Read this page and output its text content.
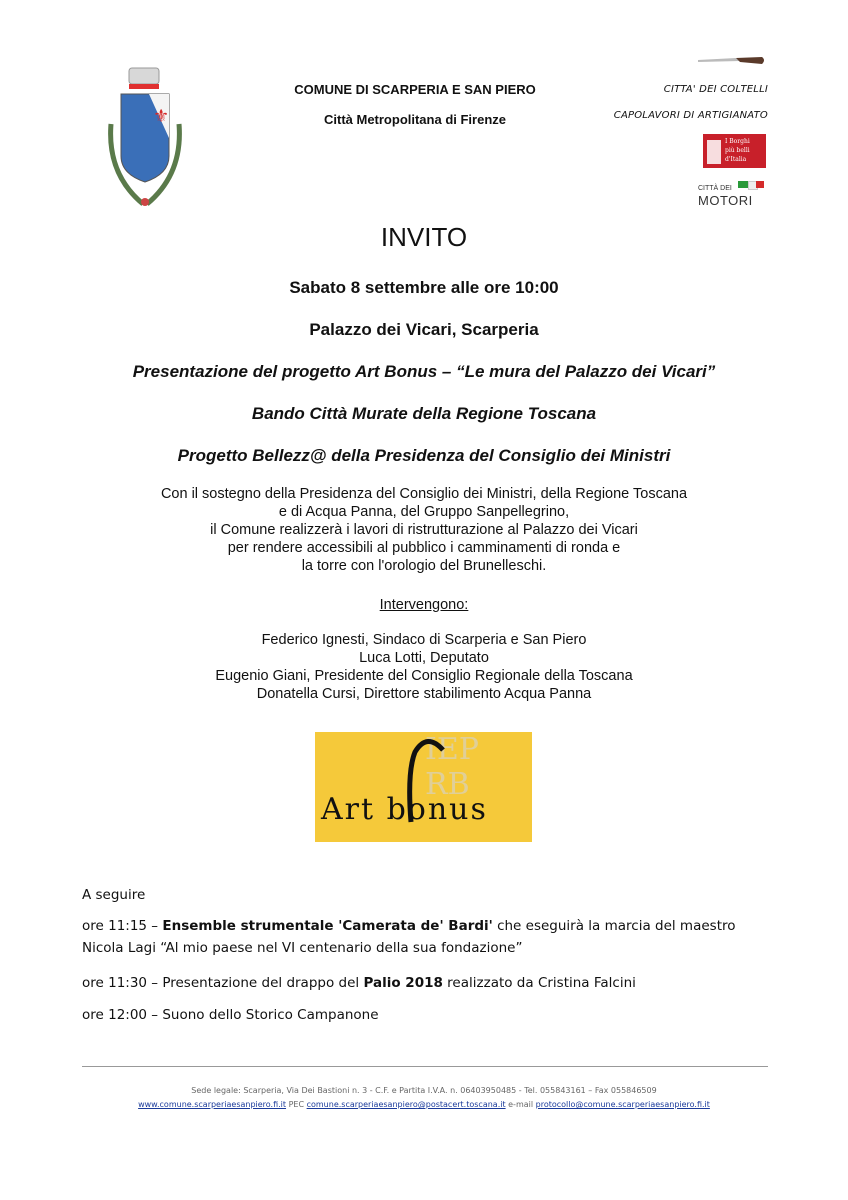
⚜
COMUNE DI SCARPERIA E SAN PIERO
Città Metropolitana di Firenze
CITTA' DEI COLTELLI
CAPOLAVORI DI ARTIGIANATO
I Borghi
più belli
d'Italia
CITTÀ DEI
MOTORI
INVITO
Sabato 8 settembre alle ore 10:00
Palazzo dei Vicari, Scarperia
Presentazione del progetto Art Bonus – “Le mura del Palazzo dei Vicari”
Bando Città Murate della Regione Toscana
Progetto Bellezz@ della Presidenza del Consiglio dei Ministri
Con il sostegno della Presidenza del Consiglio dei Ministri, della Regione Toscana
e di Acqua Panna, del Gruppo Sanpellegrino,
il Comune realizzerà i lavori di ristrutturazione al Palazzo dei Vicari
per rendere accessibili al pubblico i camminamenti di ronda e
la torre con l'orologio del Brunelleschi.
Intervengono:
Federico Ignesti, Sindaco di Scarperia e San Piero
Luca Lotti, Deputato
Eugenio Giani, Presidente del Consiglio Regionale della Toscana
Donatella Cursi, Direttore stabilimento Acqua Panna
IEP RB
Art bonus
A seguire
ore 11:15 – Ensemble strumentale 'Camerata de' Bardi' che eseguirà la marcia del maestro Nicola Lagi “Al mio paese nel VI centenario della sua fondazione”
ore 11:30 – Presentazione del drappo del Palio 2018 realizzato da Cristina Falcini
ore 12:00 – Suono dello Storico Campanone
Sede legale: Scarperia, Via Dei Bastioni n. 3 - C.F. e Partita I.V.A. n. 06403950485 - Tel. 055843161 – Fax 055846509
www.comune.scarperiaesanpiero.fi.it PEC comune.scarperiaesanpiero@postacert.toscana.it e-mail protocollo@comune.scarperiaesanpiero.fi.it
